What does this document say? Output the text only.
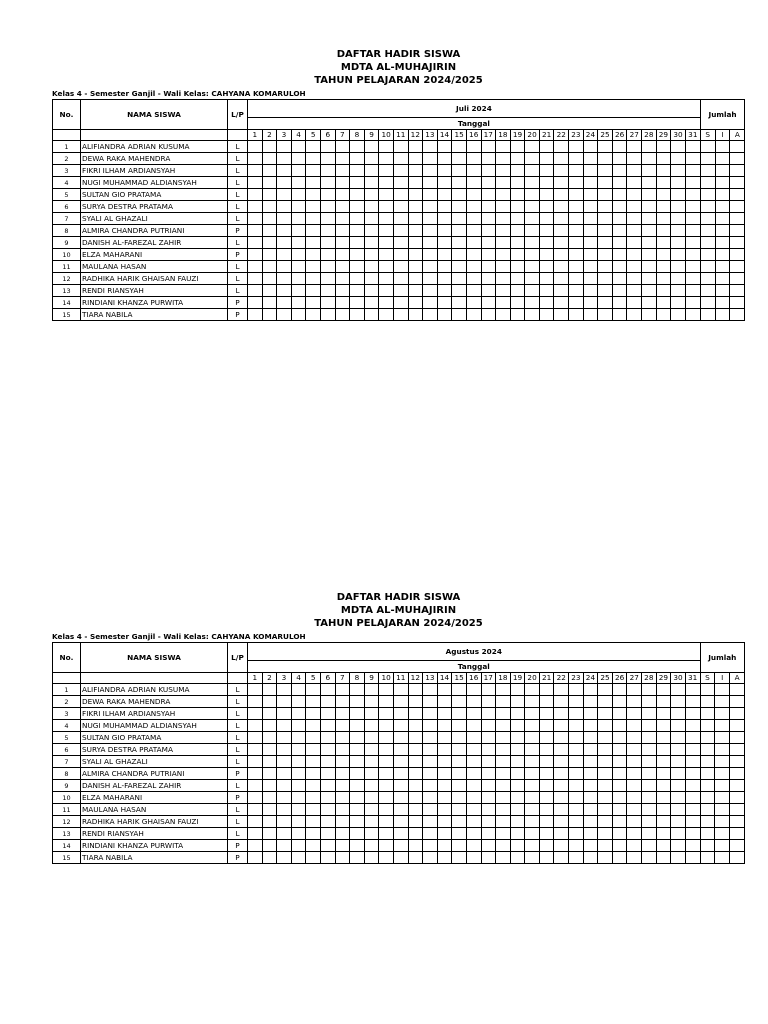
DAFTAR HADIR SISWA
MDTA AL-MUHAJIRIN
TAHUN PELAJARAN 2024/2025
Kelas 4 - Semester Ganjil - Wali Kelas: CAHYANA KOMARULOH
No.	NAMA SISWA	L/P	Juli 2024																															Jumlah		
			Tanggal																																	
			1	2	3	4	5	6	7	8	9	10	11	12	13	14	15	16	17	18	19	20	21	22	23	24	25	26	27	28	29	30	31	S	I	A
1	ALIFIANDRA ADRIAN KUSUMA	L																																		
2	DEWA RAKA MAHENDRA	L																																		
3	FIKRI ILHAM ARDIANSYAH	L																																		
4	NUGI MUHAMMAD ALDIANSYAH	L																																		
5	SULTAN GIO PRATAMA	L																																		
6	SURYA DESTRA PRATAMA	L																																		
7	SYALI AL GHAZALI	L																																		
8	ALMIRA CHANDRA PUTRIANI	P																																		
9	DANISH AL-FAREZAL ZAHIR	L																																		
10	ELZA MAHARANI	P																																		
11	MAULANA HASAN	L																																		
12	RADHIKA HARIK GHAISAN FAUZI	L																																		
13	RENDI RIANSYAH	L																																		
14	RINDIANI KHANZA PURWITA	P																																		
15	TIARA NABILA	P																																		
DAFTAR HADIR SISWA
MDTA AL-MUHAJIRIN
TAHUN PELAJARAN 2024/2025
Kelas 4 - Semester Ganjil - Wali Kelas: CAHYANA KOMARULOH
No.	NAMA SISWA	L/P	Agustus 2024																															Jumlah		
			Tanggal																																	
			1	2	3	4	5	6	7	8	9	10	11	12	13	14	15	16	17	18	19	20	21	22	23	24	25	26	27	28	29	30	31	S	I	A
1	ALIFIANDRA ADRIAN KUSUMA	L																																		
2	DEWA RAKA MAHENDRA	L																																		
3	FIKRI ILHAM ARDIANSYAH	L																																		
4	NUGI MUHAMMAD ALDIANSYAH	L																																		
5	SULTAN GIO PRATAMA	L																																		
6	SURYA DESTRA PRATAMA	L																																		
7	SYALI AL GHAZALI	L																																		
8	ALMIRA CHANDRA PUTRIANI	P																																		
9	DANISH AL-FAREZAL ZAHIR	L																																		
10	ELZA MAHARANI	P																																		
11	MAULANA HASAN	L																																		
12	RADHIKA HARIK GHAISAN FAUZI	L																																		
13	RENDI RIANSYAH	L																																		
14	RINDIANI KHANZA PURWITA	P																																		
15	TIARA NABILA	P																																		
